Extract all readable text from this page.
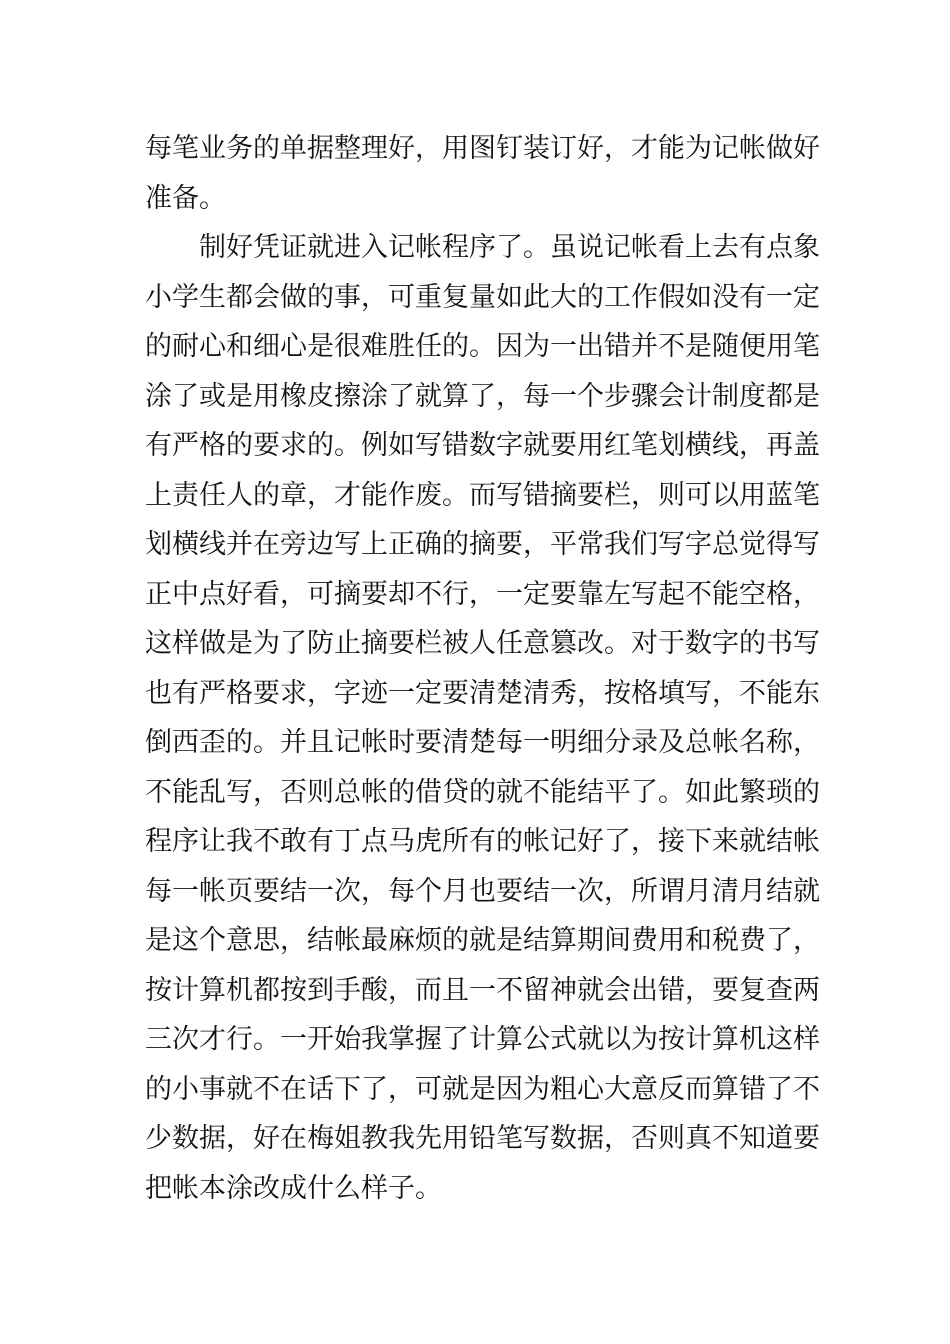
每笔业务的单据整理好，用图钉装订好，才能为记帐做好
准备。
制好凭证就进入记帐程序了。虽说记帐看上去有点象
小学生都会做的事，可重复量如此大的工作假如没有一定
的耐心和细心是很难胜任的。因为一出错并不是随便用笔
涂了或是用橡皮擦涂了就算了，每一个步骤会计制度都是
有严格的要求的。例如写错数字就要用红笔划横线，再盖
上责任人的章，才能作废。而写错摘要栏，则可以用蓝笔
划横线并在旁边写上正确的摘要，平常我们写字总觉得写
正中点好看，可摘要却不行，一定要靠左写起不能空格，
这样做是为了防止摘要栏被人任意篡改。对于数字的书写
也有严格要求，字迹一定要清楚清秀，按格填写，不能东
倒西歪的。并且记帐时要清楚每一明细分录及总帐名称，
不能乱写，否则总帐的借贷的就不能结平了。如此繁琐的
程序让我不敢有丁点马虎所有的帐记好了，接下来就结帐
每一帐页要结一次，每个月也要结一次，所谓月清月结就
是这个意思，结帐最麻烦的就是结算期间费用和税费了，
按计算机都按到手酸，而且一不留神就会出错，要复查两
三次才行。一开始我掌握了计算公式就以为按计算机这样
的小事就不在话下了，可就是因为粗心大意反而算错了不
少数据，好在梅姐教我先用铅笔写数据，否则真不知道要
把帐本涂改成什么样子。
